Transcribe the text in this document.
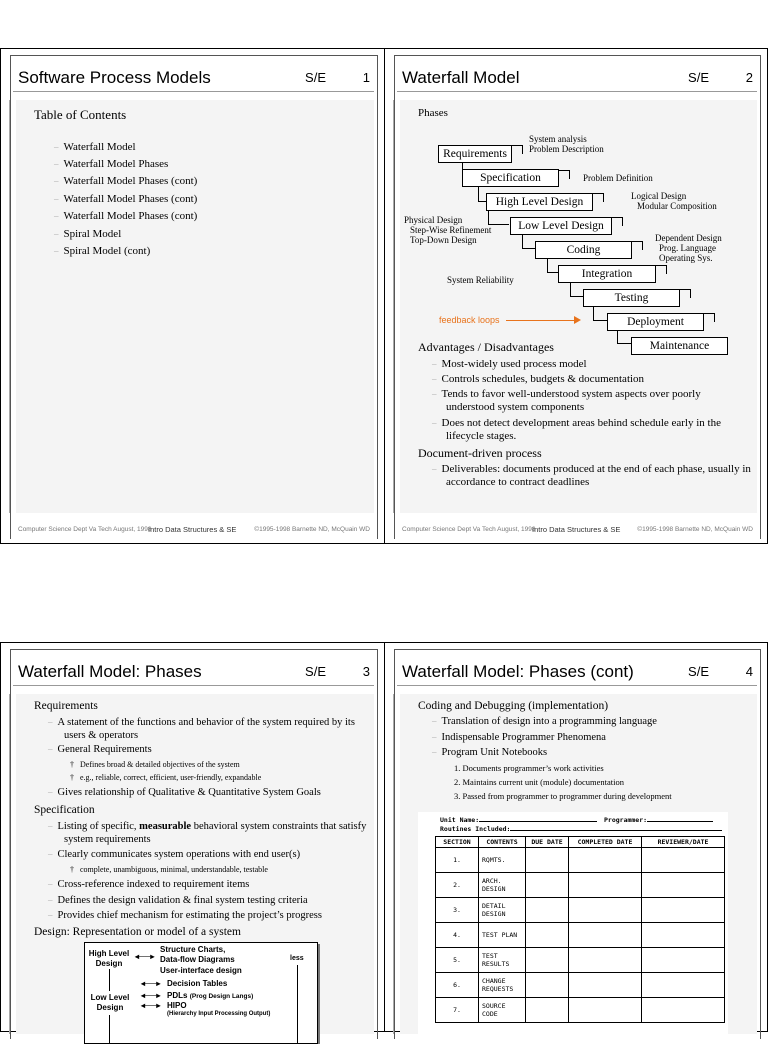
Software Process Models	S/E	1
Table of Contents
– Waterfall Model
– Waterfall Model Phases
– Waterfall Model Phases (cont)
– Waterfall Model Phases (cont)
– Waterfall Model Phases (cont)
– Spiral Model
– Spiral Model (cont)
Computer Science Dept Va Tech August, 1998
Intro Data Structures & SE	©1995-1998 Barnette ND, McQuain WD
Waterfall Model	S/E	2
Phases
Requirements
Specification
High Level Design
Low Level Design
Coding
Integration
Testing
Deployment
Maintenance
System analysis
Problem Description
Problem Definition
Logical Design
Modular Composition
Physical Design
Step-Wise Refinement
Top-Down Design	Dependent Design
Prog. Language
Operating Sys.
System Reliability
feedback loops
Advantages / Disadvantages
– Most-widely used process model
– Controls schedules, budgets & documentation
– Tends to favor well-understood system aspects over poorly understood system components
– Does not detect development areas behind schedule early in the lifecycle stages.
Document-driven process
– Deliverables: documents produced at the end of each phase, usually in accordance to contract deadlines
Computer Science Dept Va Tech August, 1998
Intro Data Structures & SE	©1995-1998 Barnette ND, McQuain WD
Waterfall Model: Phases	S/E	3
Requirements
– A statement of the functions and behavior of the system required by its users & operators
– General Requirements
† Defines broad & detailed objectives of the system
† e.g., reliable, correct, efficient, user-friendly, expandable
– Gives relationship of Qualitative & Quantitative System Goals
Specification
– Listing of specific, measurable behavioral system constraints that satisfy system requirements
– Clearly communicates system operations with end user(s)
† complete, unambiguous, minimal, understandable, testable
– Cross-reference indexed to requirement items
– Defines the design validation & final system testing criteria
– Provides chief mechanism for estimating the project’s progress
Design: Representation or model of a system
High Level Design
Low Level Design
◂──▸
Structure Charts,
Data-flow Diagrams
User-interface design
◂──▸ Decision Tables
◂──▸ PDLs (Prog Design Langs)
◂──▸ HIPO
(Hierarchy Input Processing Output)
less
Waterfall Model: Phases (cont)	S/E	4
Coding and Debugging (implementation)
– Translation of design into a programming language
– Indispensable Programmer Phenomena
– Program Unit Notebooks
1. Documents programmer’s work activities
2. Maintains current unit (module) documentation
3. Passed from programmer to programmer during development
Unit Name:	Programmer:
Routines Included:
SECTION	CONTENTS	DUE DATE	COMPLETED DATE	REVIEWER/DATE
1.	RQMTS.			
2.	ARCH. DESIGN			
3.	DETAIL DESIGN			
4.	TEST PLAN			
5.	TEST RESULTS			
6.	CHANGE REQUESTS			
7.	SOURCE CODE			
